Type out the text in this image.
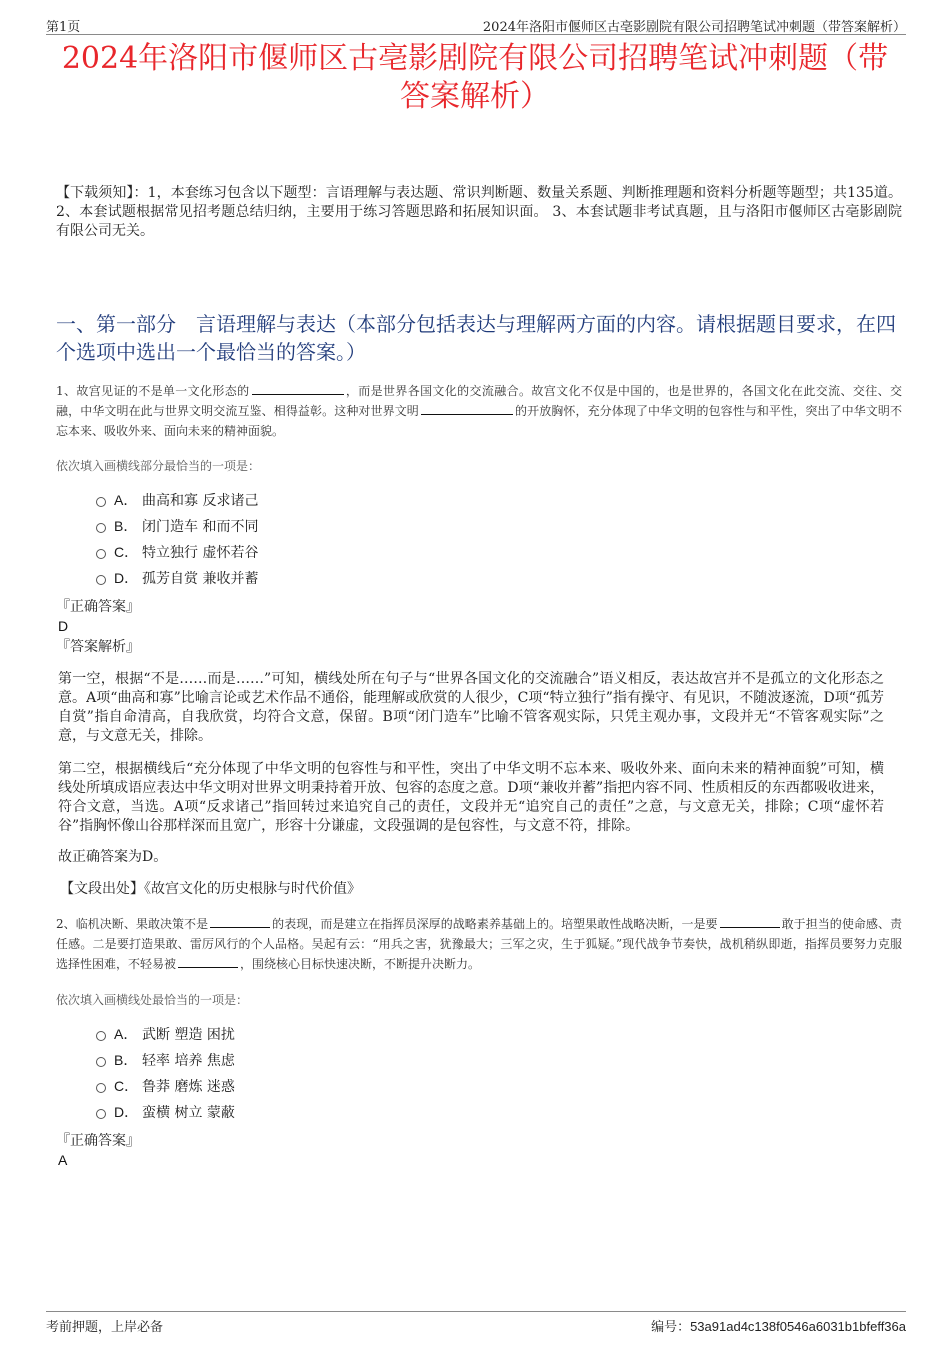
第1页	2024年洛阳市偃师区古亳影剧院有限公司招聘笔试冲刺题（带答案解析）
2024年洛阳市偃师区古亳影剧院有限公司招聘笔试冲刺题（带答案解析）

【下载须知】：1，本套练习包含以下题型：言语理解与表达题、常识判断题、数量关系题、判断推理题和资料分析题等题型；共135道。 2、本套试题根据常见招考题总结归纳，主要用于练习答题思路和拓展知识面。 3、本套试题非考试真题，且与洛阳市偃师区古亳影剧院有限公司无关。

一、第一部分　言语理解与表达（本部分包括表达与理解两方面的内容。请根据题目要求，在四个选项中选出一个最恰当的答案。）

1、故宫见证的不是单一文化形态的	，而是世界各国文化的交流融合。故宫文化不仅是中国的，也是世界的，各国文化在此交流、交往、交融，中华文明在此与世界文明交流互鉴、相得益彰。这种对世界文明	的开放胸怀，充分体现了中华文明的包容性与和平性，突出了中华文明不忘本来、吸收外来、面向未来的精神面貌。

依次填入画横线部分最恰当的一项是：

A． 曲高和寡 反求诸己
B． 闭门造车 和而不同
C． 特立独行 虚怀若谷
D． 孤芳自赏 兼收并蓄

『正确答案』

D

『答案解析』

第一空，根据“不是……而是……”可知，横线处所在句子与“世界各国文化的交流融合”语义相反，表达故宫并不是孤立的文化形态之意。A项“曲高和寡”比喻言论或艺术作品不通俗，能理解或欣赏的人很少，C项“特立独行”指有操守、有见识，不随波逐流，D项“孤芳自赏”指自命清高，自我欣赏，均符合文意，保留。B项“闭门造车”比喻不管客观实际，只凭主观办事，文段并无“不管客观实际”之意，与文意无关，排除。

第二空，根据横线后“充分体现了中华文明的包容性与和平性，突出了中华文明不忘本来、吸收外来、面向未来的精神面貌”可知，横线处所填成语应表达中华文明对世界文明秉持着开放、包容的态度之意。D项“兼收并蓄”指把内容不同、性质相反的东西都吸收进来，符合文意，当选。A项“反求诸己”指回转过来追究自己的责任，文段并无“追究自己的责任”之意，与文意无关，排除；C项“虚怀若谷”指胸怀像山谷那样深而且宽广，形容十分谦虚，文段强调的是包容性，与文意不符，排除。

故正确答案为D。

【文段出处】《故宫文化的历史根脉与时代价值》

2、临机决断、果敢决策不是	的表现，而是建立在指挥员深厚的战略素养基础上的。培塑果敢性战略决断，一是要	敢于担当的使命感、责任感。二是要打造果敢、雷厉风行的个人品格。吴起有云：“用兵之害，犹豫最大；三军之灾，生于狐疑。”现代战争节奏快，战机稍纵即逝，指挥员要努力克服选择性困难，不轻易被	，围绕核心目标快速决断，不断提升决断力。

依次填入画横线处最恰当的一项是：

A． 武断 塑造 困扰
B． 轻率 培养 焦虑
C． 鲁莽 磨炼 迷惑
D． 蛮横 树立 蒙蔽

『正确答案』

A

考前押题，上岸必备	编号：53a91ad4c138f0546a6031b1bfeff36a
